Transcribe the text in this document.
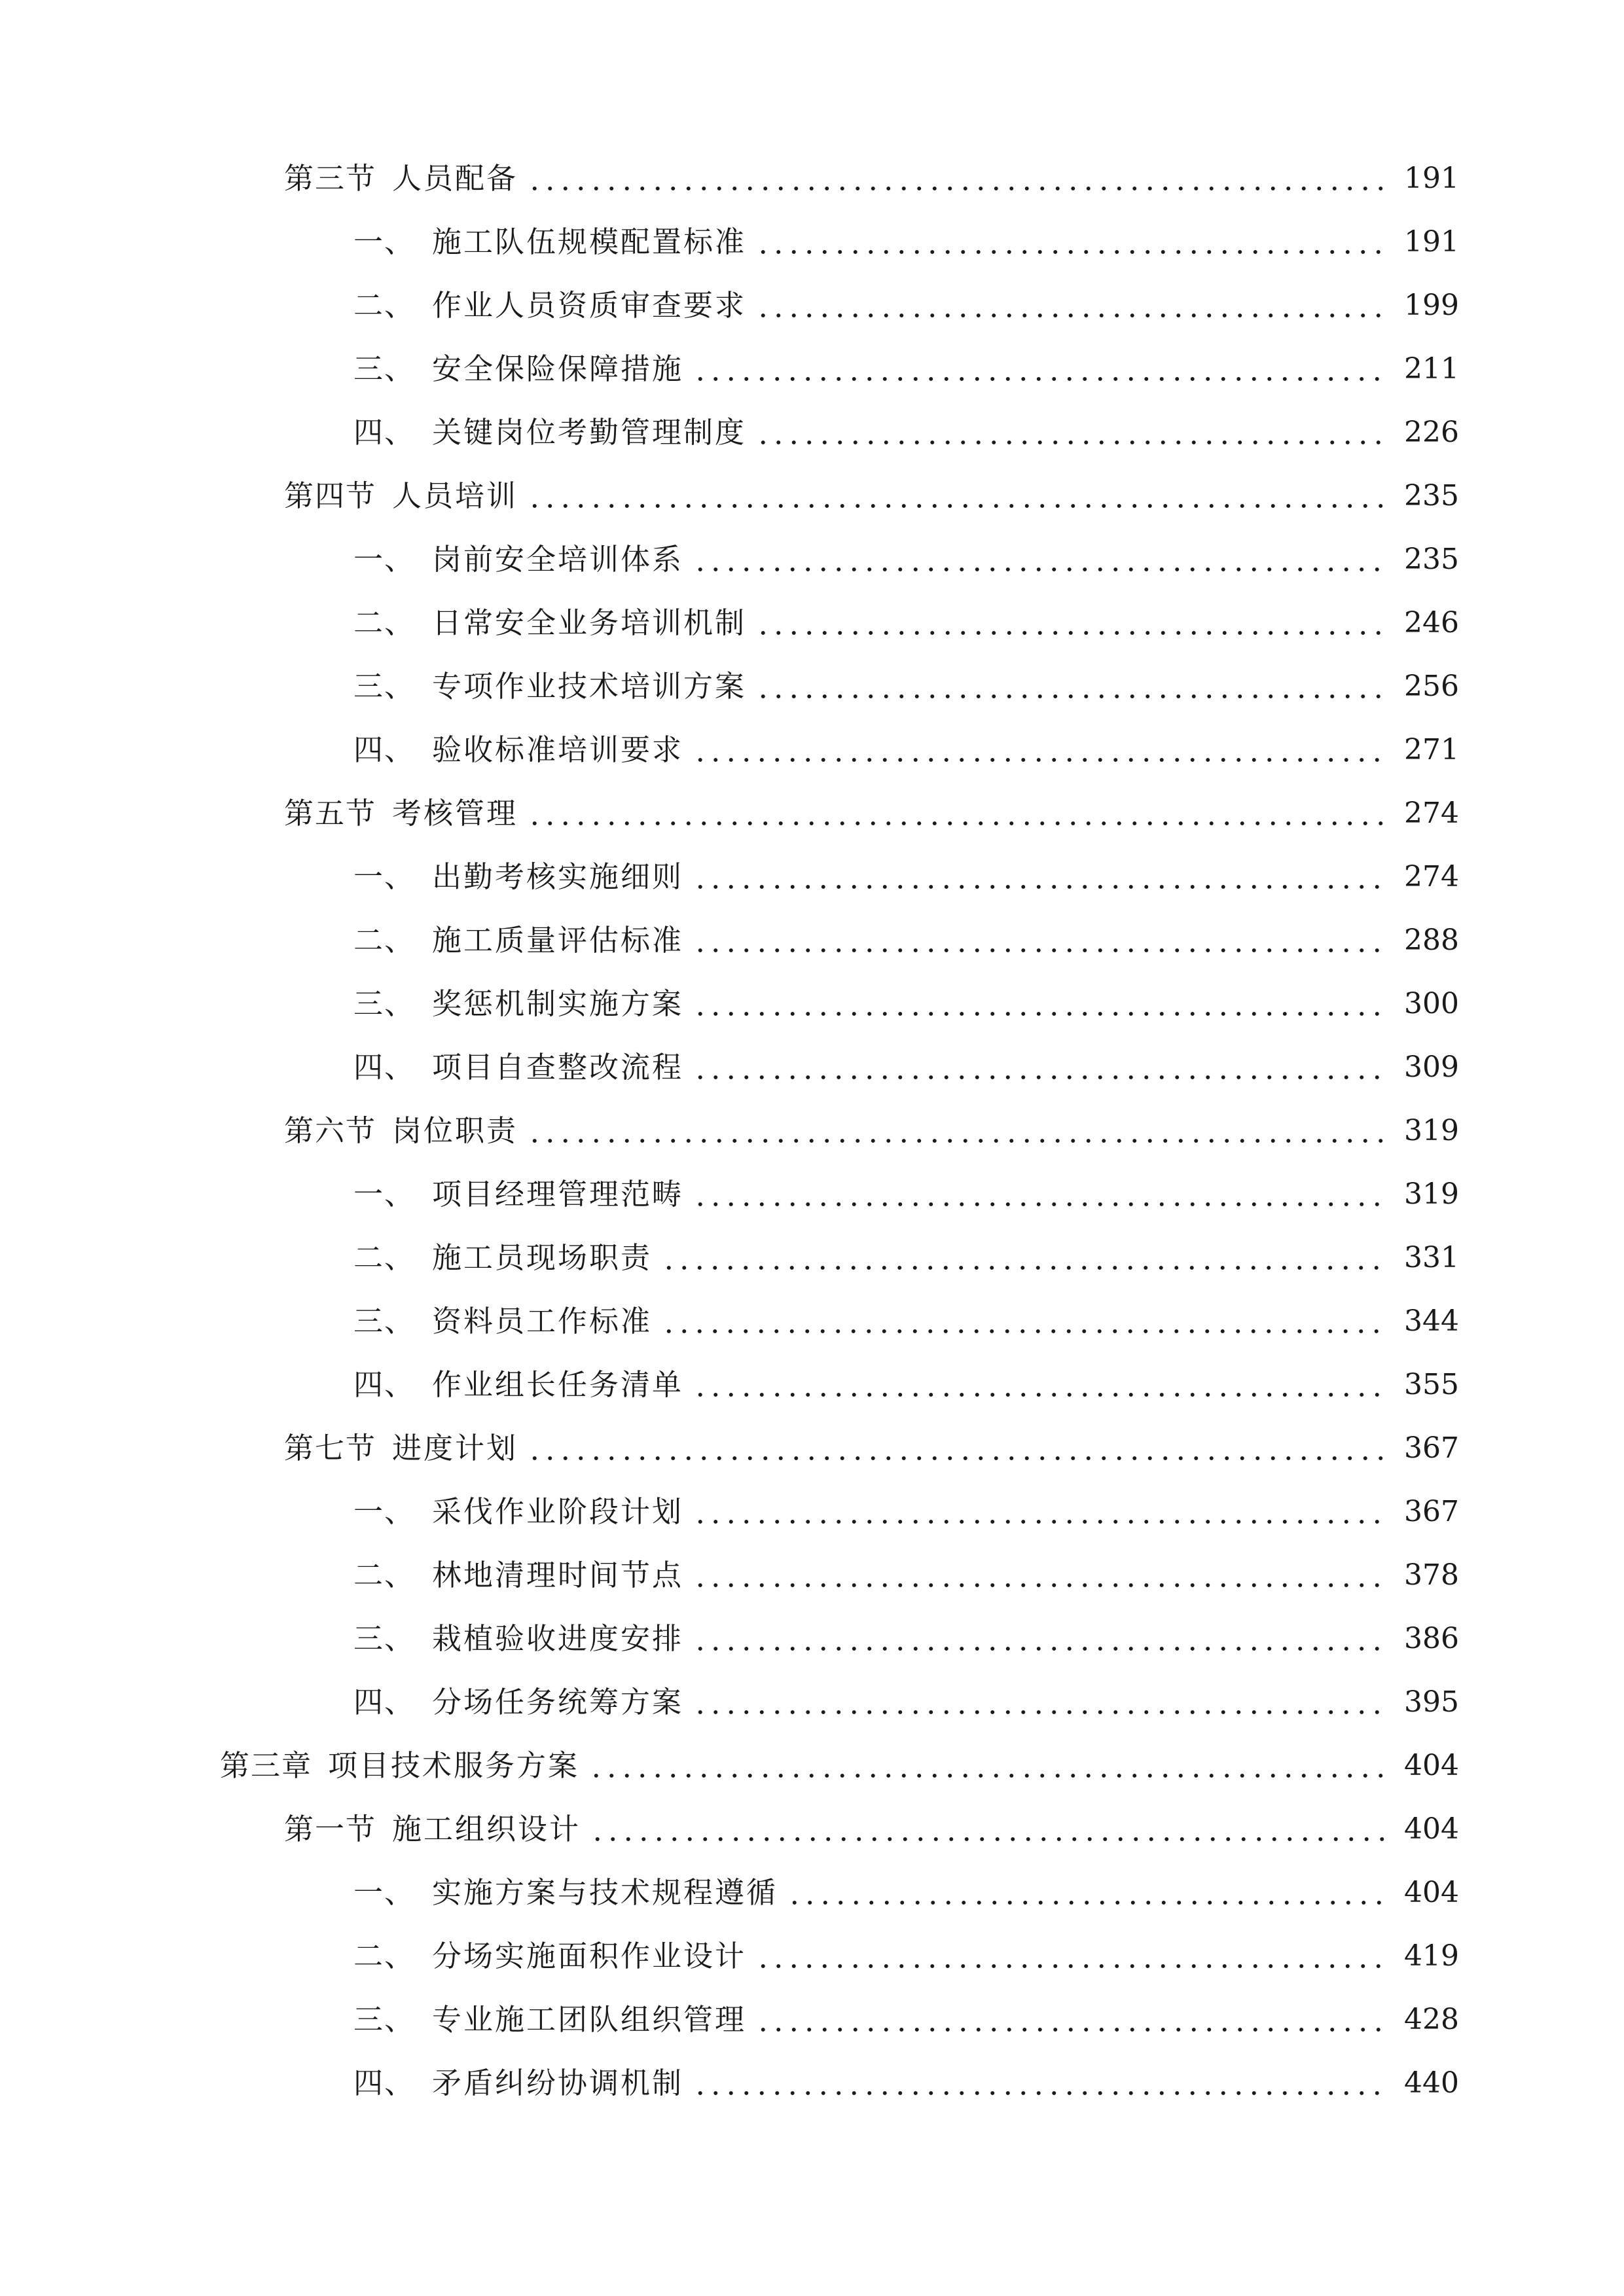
第三节 人员配备	191
一、 施工队伍规模配置标准	191
二、 作业人员资质审查要求	199
三、 安全保险保障措施	211
四、 关键岗位考勤管理制度	226
第四节 人员培训	235
一、 岗前安全培训体系	235
二、 日常安全业务培训机制	246
三、 专项作业技术培训方案	256
四、 验收标准培训要求	271
第五节 考核管理	274
一、 出勤考核实施细则	274
二、 施工质量评估标准	288
三、 奖惩机制实施方案	300
四、 项目自查整改流程	309
第六节 岗位职责	319
一、 项目经理管理范畴	319
二、 施工员现场职责	331
三、 资料员工作标准	344
四、 作业组长任务清单	355
第七节 进度计划	367
一、 采伐作业阶段计划	367
二、 林地清理时间节点	378
三、 栽植验收进度安排	386
四、 分场任务统筹方案	395
第三章 项目技术服务方案	404
第一节 施工组织设计	404
一、 实施方案与技术规程遵循	404
二、 分场实施面积作业设计	419
三、 专业施工团队组织管理	428
四、 矛盾纠纷协调机制	440
